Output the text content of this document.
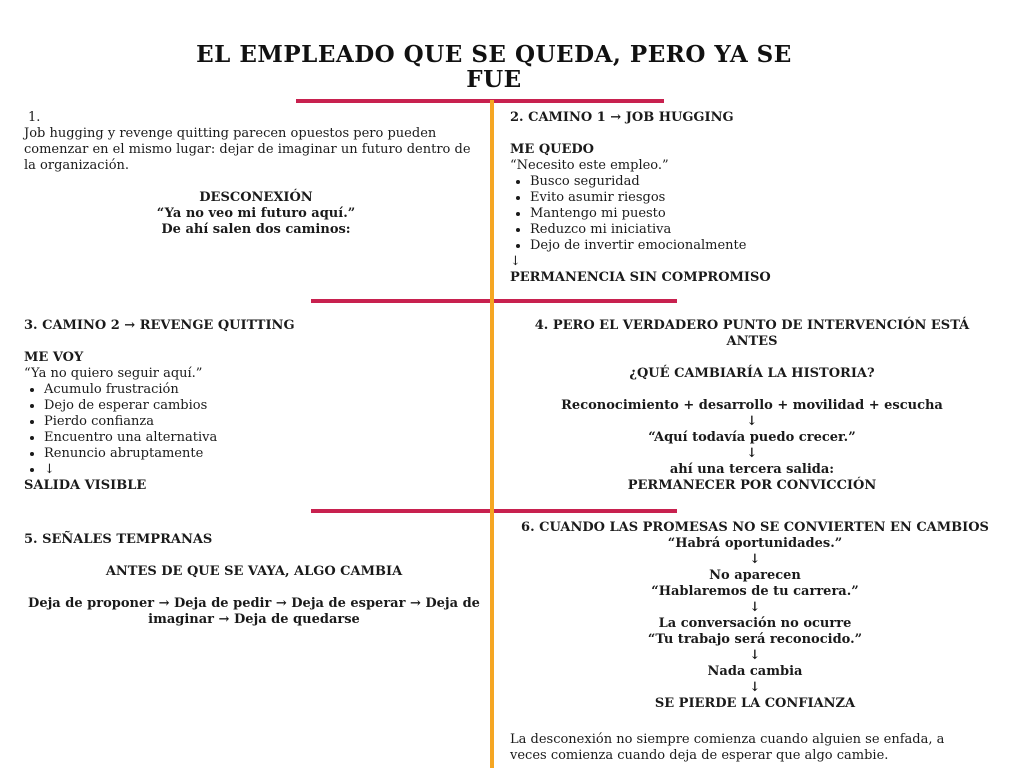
EL EMPLEADO QUE SE QUEDA, PERO YA SE FUE

1.

Job hugging y revenge quitting parecen opuestos pero pueden comenzar en el mismo lugar: dejar de imaginar un futuro dentro de la organización.

DESCONEXIÓN

“Ya no veo mi futuro aquí.”

De ahí salen dos caminos:

2. CAMINO 1 → JOB HUGGING

ME QUEDO

“Necesito este empleo.”

• Busco seguridad
• Evito asumir riesgos
• Mantengo mi puesto
• Reduzco mi iniciativa
• Dejo de invertir emocionalmente

↓

PERMANENCIA SIN COMPROMISO

3. CAMINO 2 → REVENGE QUITTING

ME VOY

“Ya no quiero seguir aquí.”

• Acumulo frustración
• Dejo de esperar cambios
• Pierdo confianza
• Encuentro una alternativa
• Renuncio abruptamente
• ↓

SALIDA VISIBLE

4. PERO EL VERDADERO PUNTO DE INTERVENCIÓN ESTÁ ANTES

¿QUÉ CAMBIARÍA LA HISTORIA?

Reconocimiento + desarrollo + movilidad + escucha

↓

“Aquí todavía puedo crecer.”

↓

ahí una tercera salida:

PERMANECER POR CONVICCIÓN

5. SEÑALES TEMPRANAS

ANTES DE QUE SE VAYA, ALGO CAMBIA

Deja de proponer → Deja de pedir → Deja de esperar → Deja de imaginar → Deja de quedarse

6. CUANDO LAS PROMESAS NO SE CONVIERTEN EN CAMBIOS

“Habrá oportunidades.”

↓

No aparecen

“Hablaremos de tu carrera.”

↓

La conversación no ocurre

“Tu trabajo será reconocido.”

↓

Nada cambia

↓

SE PIERDE LA CONFIANZA

La desconexión no siempre comienza cuando alguien se enfada, a veces comienza cuando deja de esperar que algo cambie.
